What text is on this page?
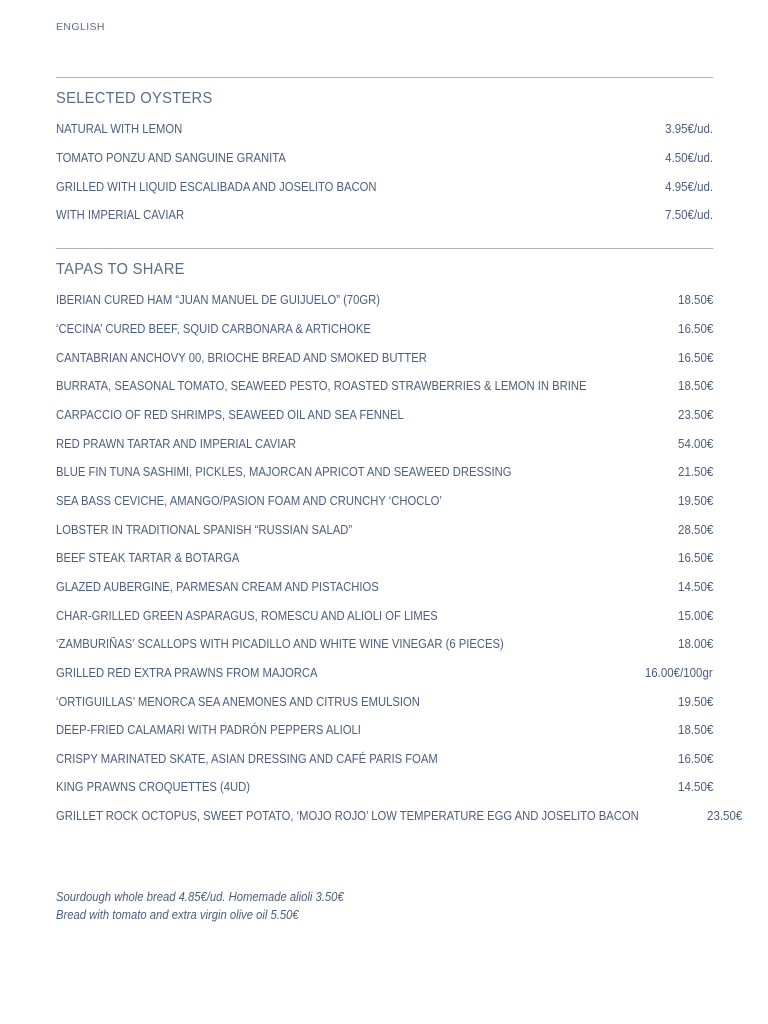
ENGLISH
SELECTED OYSTERS
NATURAL WITH LEMON	3.95€/ud.
TOMATO PONZU AND SANGUINE GRANITA	4.50€/ud.
GRILLED WITH LIQUID ESCALIBADA AND JOSELITO BACON	4.95€/ud.
WITH IMPERIAL CAVIAR	7.50€/ud.
TAPAS TO SHARE
IBERIAN CURED HAM “JUAN MANUEL DE GUIJUELO” (70GR)	18.50€
‘CECINA’ CURED BEEF, SQUID CARBONARA & ARTICHOKE	16.50€
CANTABRIAN ANCHOVY 00, BRIOCHE BREAD AND SMOKED BUTTER	16.50€
BURRATA, SEASONAL TOMATO, SEAWEED PESTO, ROASTED STRAWBERRIES & LEMON IN BRINE	18.50€
CARPACCIO OF RED SHRIMPS, SEAWEED OIL AND SEA FENNEL	23.50€
RED PRAWN TARTAR AND IMPERIAL CAVIAR	54.00€
BLUE FIN TUNA SASHIMI, PICKLES, MAJORCAN APRICOT AND SEAWEED DRESSING	21.50€
SEA BASS CEVICHE, AMANGO/PASION FOAM AND CRUNCHY ‘CHOCLO’	19.50€
LOBSTER IN TRADITIONAL SPANISH “RUSSIAN SALAD”	28.50€
BEEF STEAK TARTAR & BOTARGA	16.50€
GLAZED AUBERGINE, PARMESAN CREAM AND PISTACHIOS	14.50€
CHAR-GRILLED GREEN ASPARAGUS, ROMESCU AND ALIOLI OF LIMES	15.00€
‘ZAMBURIÑAS’ SCALLOPS WITH PICADILLO AND WHITE WINE VINEGAR (6 PIECES)	18.00€
GRILLED RED EXTRA PRAWNS FROM MAJORCA	16.00€/100gr
‘ORTIGUILLAS’ MENORCA SEA ANEMONES AND CITRUS EMULSION	19.50€
DEEP-FRIED CALAMARI WITH PADRÓN PEPPERS ALIOLI	18.50€
CRISPY MARINATED SKATE, ASIAN DRESSING AND CAFÉ PARIS FOAM	16.50€
KING PRAWNS CROQUETTES (4UD)	14.50€
GRILLET ROCK OCTOPUS, SWEET POTATO, ‘MOJO ROJO’ LOW TEMPERATURE EGG AND JOSELITO BACON	23.50€
Sourdough whole bread 4.85€/ud. Homemade alioli 3.50€
Bread with tomato and extra virgin olive oil 5.50€
